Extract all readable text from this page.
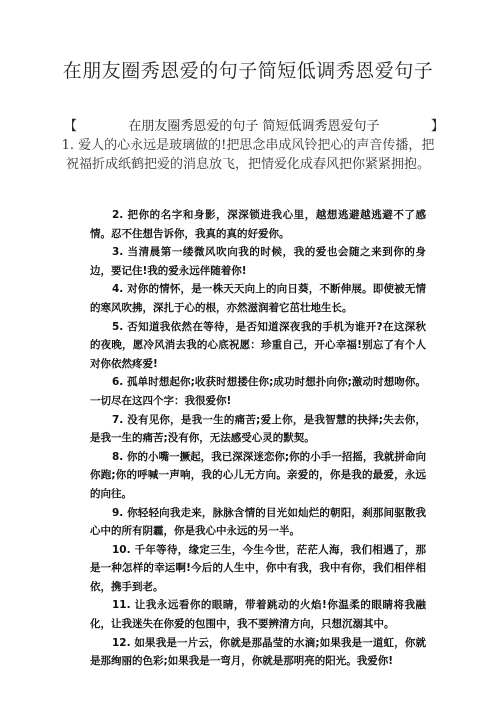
在朋友圈秀恩爱的句子简短低调秀恩爱句子
【	在朋友圈秀恩爱的句子 简短低调秀恩爱句子	】
1. 爱人的心永远是玻璃做的!把思念串成风铃把心的声音传播，把祝福折成纸鹤把爱的消息放飞，把情爱化成春风把你紧紧拥抱。

2. 把你的名字和身影，深深锁进我心里，越想逃避越逃避不了感情。忍不住想告诉你，我真的真的好爱你。

3. 当清晨第一缕微风吹向我的时候，我的爱也会随之来到你的身边，要记住!我的爱永远伴随着你!

4. 对你的情怀，是一株天天向上的向日葵，不断伸展。即使被无情的寒风吹拂，深扎于心的根，亦然滋润着它茁壮地生长。

5. 否知道我依然在等待，是否知道深夜我的手机为谁开?在这深秋的夜晚，愿冷风消去我的心底祝愿：珍重自己，开心幸福!别忘了有个人对你依然疼爱!

6. 孤单时想起你;收获时想搂住你;成功时想扑向你;激动时想吻你。一切尽在这四个字：我很爱你!

7. 没有见你，是我一生的痛苦;爱上你，是我智慧的抉择;失去你，是我一生的痛苦;没有你，无法感受心灵的默契。

8. 你的小嘴一撅起，我已深深迷恋你;你的小手一招摇，我就拼命向你跑;你的呼喊一声响，我的心儿无方向。亲爱的，你是我的最爱，永远的向往。

9. 你轻轻向我走来，脉脉含情的目光如灿烂的朝阳，刹那间驱散我心中的所有阴霾，你是我心中永远的另一半。

10. 千年等待，缘定三生，今生今世，茫茫人海，我们相遇了，那是一种怎样的幸运啊!今后的人生中，你中有我，我中有你，我们相伴相依，携手到老。

11. 让我永远看你的眼睛，带着跳动的火焰!你温柔的眼睛将我融化，让我迷失在你爱的包围中，我不要辨清方向，只想沉溺其中。

12. 如果我是一片云，你就是那晶莹的水滴;如果我是一道虹，你就是那绚丽的色彩;如果我是一弯月，你就是那明亮的阳光。我爱你!
